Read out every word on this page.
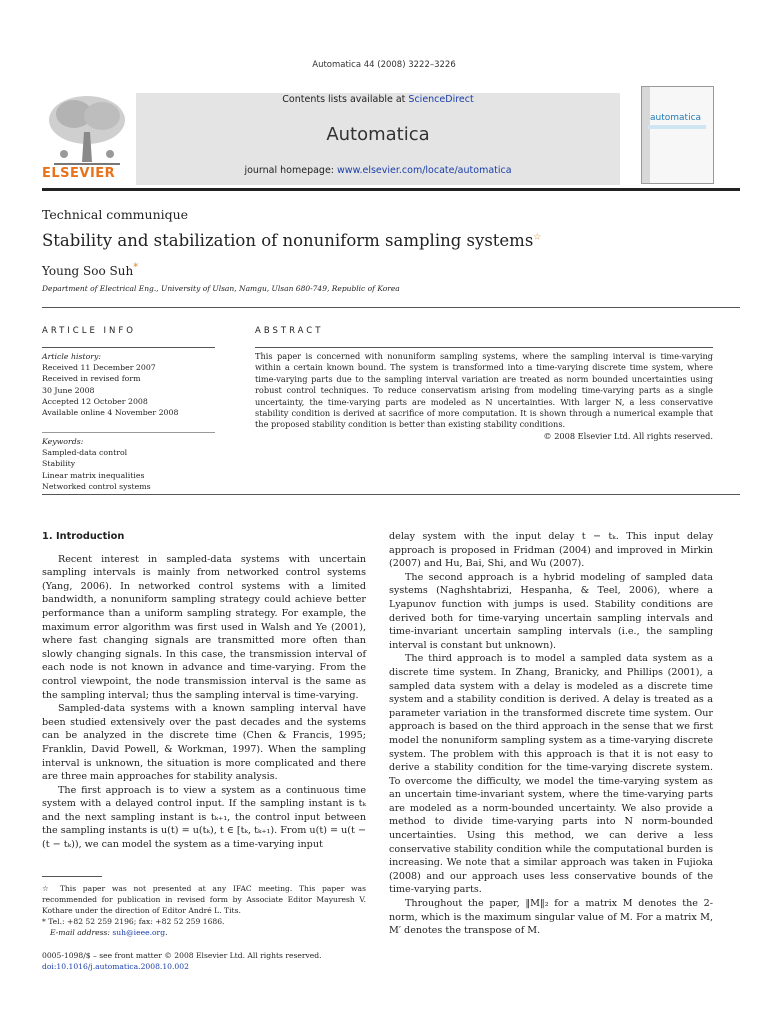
Automatica 44 (2008) 3222–3226
ELSEVIER
Contents lists available at ScienceDirect
Automatica
journal homepage: www.elsevier.com/locate/automatica
automatica
Technical communique
Stability and stabilization of nonuniform sampling systems☆
Young Soo Suh*
Department of Electrical Eng., University of Ulsan, Namgu, Ulsan 680-749, Republic of Korea
ARTICLE INFO
Article history:
Received 11 December 2007
Received in revised form
30 June 2008
Accepted 12 October 2008
Available online 4 November 2008
Keywords:
Sampled-data control
Stability
Linear matrix inequalities
Networked control systems
ABSTRACT
This paper is concerned with nonuniform sampling systems, where the sampling interval is time-varying within a certain known bound. The system is transformed into a time-varying discrete time system, where time-varying parts due to the sampling interval variation are treated as norm bounded uncertainties using robust control techniques. To reduce conservatism arising from modeling time-varying parts as a single uncertainty, the time-varying parts are modeled as N uncertainties. With larger N, a less conservative stability condition is derived at sacrifice of more computation. It is shown through a numerical example that the proposed stability condition is better than existing stability conditions.
© 2008 Elsevier Ltd. All rights reserved.
1. Introduction

Recent interest in sampled-data systems with uncertain sampling intervals is mainly from networked control systems (Yang, 2006). In networked control systems with a limited bandwidth, a nonuniform sampling strategy could achieve better performance than a uniform sampling strategy. For example, the maximum error algorithm was first used in Walsh and Ye (2001), where fast changing signals are transmitted more often than slowly changing signals. In this case, the transmission interval of each node is not known in advance and time-varying. From the control viewpoint, the node transmission interval is the same as the sampling interval; thus the sampling interval is time-varying.

Sampled-data systems with a known sampling interval have been studied extensively over the past decades and the systems can be analyzed in the discrete time (Chen & Francis, 1995; Franklin, David Powell, & Workman, 1997). When the sampling interval is unknown, the situation is more complicated and there are three main approaches for stability analysis.

The first approach is to view a system as a continuous time system with a delayed control input. If the sampling instant is tₖ and the next sampling instant is tₖ₊₁, the control input between the sampling instants is u(t) = u(tₖ), t ∈ [tₖ, tₖ₊₁). From u(t) = u(t − (t − tₖ)), we can model the system as a time-varying input

delay system with the input delay t − tₖ. This input delay approach is proposed in Fridman (2004) and improved in Mirkin (2007) and Hu, Bai, Shi, and Wu (2007).

The second approach is a hybrid modeling of sampled data systems (Naghshtabrizi, Hespanha, & Teel, 2006), where a Lyapunov function with jumps is used. Stability conditions are derived both for time-varying uncertain sampling intervals and time-invariant uncertain sampling intervals (i.e., the sampling interval is constant but unknown).

The third approach is to model a sampled data system as a discrete time system. In Zhang, Branicky, and Phillips (2001), a sampled data system with a delay is modeled as a discrete time system and a stability condition is derived. A delay is treated as a parameter variation in the transformed discrete time system. Our approach is based on the third approach in the sense that we first model the nonuniform sampling system as a time-varying discrete system. The problem with this approach is that it is not easy to derive a stability condition for the time-varying discrete system. To overcome the difficulty, we model the time-varying system as an uncertain time-invariant system, where the time-varying parts are modeled as a norm-bounded uncertainty. We also provide a method to divide time-varying parts into N norm-bounded uncertainties. Using this method, we can derive a less conservative stability condition while the computational burden is increasing. We note that a similar approach was taken in Fujioka (2008) and our approach uses less conservative bounds of the time-varying parts.

Throughout the paper, ‖M‖₂ for a matrix M denotes the 2-norm, which is the maximum singular value of M. For a matrix M, M′ denotes the transpose of M.

☆ This paper was not presented at any IFAC meeting. This paper was recommended for publication in revised form by Associate Editor Mayuresh V. Kothare under the direction of Editor André L. Tits.
* Tel.: +82 52 259 2196; fax: +82 52 259 1686.
E-mail address: suh@ieee.org.
0005-1098/$ – see front matter © 2008 Elsevier Ltd. All rights reserved.
doi:10.1016/j.automatica.2008.10.002
